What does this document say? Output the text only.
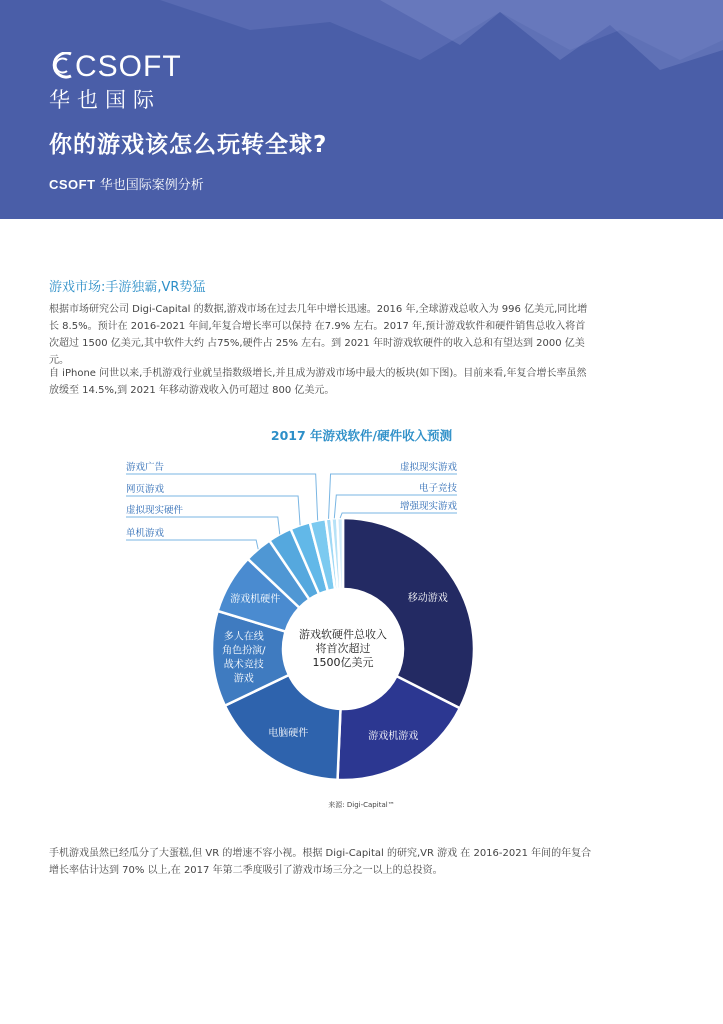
CSOFT
华也国际
你的游戏该怎么玩转全球?
CSOFT 华也国际案例分析
游戏市场:手游独霸,VR势猛
根据市场研究公司 Digi-Capital 的数据,游戏市场在过去几年中增长迅速。2016 年,全球游戏总收入为 996 亿美元,同比增长 8.5%。预计在 2016-2021 年间,年复合增长率可以保持 在7.9% 左右。2017 年,预计游戏软件和硬件销售总收入将首次超过 1500 亿美元,其中软件大约 占75%,硬件占 25% 左右。到 2021 年时游戏软硬件的收入总和有望达到 2000 亿美元。
自 iPhone 问世以来,手机游戏行业就呈指数级增长,并且成为游戏市场中最大的板块(如下图)。目前来看,年复合增长率虽然放缓至 14.5%,到 2021 年移动游戏收入仍可超过 800 亿美元。
2017 年游戏软件/硬件收入预测
移动游戏
游戏机游戏
电脑硬件
多人在线角色扮演/战术竞技游戏
游戏机硬件
单机游戏
虚拟现实硬件
网页游戏
游戏广告	虚拟现实游戏
电子竞技
增强现实游戏
游戏软硬件总收入将首次超过 1500亿美元
来源: Digi-Capital™
手机游戏虽然已经瓜分了大蛋糕,但 VR 的增速不容小视。根据 Digi-Capital 的研究,VR 游戏 在 2016-2021 年间的年复合增长率估计达到 70% 以上,在 2017 年第二季度吸引了游戏市场三分之一以上的总投资。
